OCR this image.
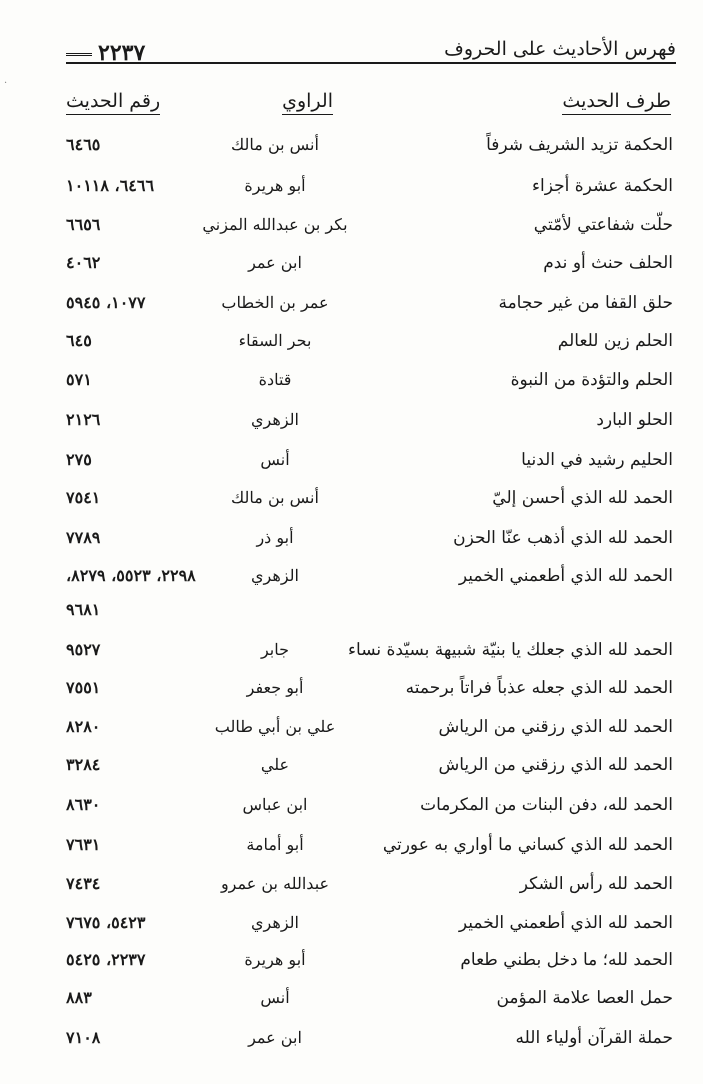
٢٢٣٧	فهرس الأحاديث على الحروف
·
طرف الحديث
الراوي
رقم الحديث
الحكمة تزيد الشريف شرفاً
أنس بن مالك
٦٤٦٥
الحكمة عشرة أجزاء
أبو هريرة
٦٤٦٦، ١٠١١٨
حلّت شفاعتي لأمّتي
بكر بن عبدالله المزني
٦٦٥٦
الحلف حنث أو ندم
ابن عمر
٤٠٦٢
حلق القفا من غير حجامة
عمر بن الخطاب
١٠٧٧، ٥٩٤٥
الحلم زين للعالم
بحر السقاء
٦٤٥
الحلم والتؤدة من النبوة
قتادة
٥٧١
الحلو البارد
الزهري
٢١٢٦
الحليم رشيد في الدنيا
أنس
٢٧٥
الحمد لله الذي أحسن إليّ
أنس بن مالك
٧٥٤١
الحمد لله الذي أذهب عنّا الحزن
أبو ذر
٧٧٨٩
الحمد لله الذي أطعمني الخمير
الزهري
٢٢٩٨، ٥٥٢٣، ٨٢٧٩،
٩٦٨١
الحمد لله الذي جعلك يا بنيّة شبيهة بسيّدة نساء
جابر
٩٥٢٧
الحمد لله الذي جعله عذباً فراتاً برحمته
أبو جعفر
٧٥٥١
الحمد لله الذي رزقني من الرياش
علي بن أبي طالب
٨٢٨٠
الحمد لله الذي رزقني من الرياش
علي
٣٢٨٤
الحمد لله، دفن البنات من المكرمات
ابن عباس
٨٦٣٠
الحمد لله الذي كساني ما أواري به عورتي
أبو أمامة
٧٦٣١
الحمد لله رأس الشكر
عبدالله بن عمرو
٧٤٣٤
الحمد لله الذي أطعمني الخمير
الزهري
٥٤٢٣، ٧٦٧٥
الحمد لله؛ ما دخل بطني طعام
أبو هريرة
٢٢٣٧، ٥٤٢٥
حمل العصا علامة المؤمن
أنس
٨٨٣
حملة القرآن أولياء الله
ابن عمر
٧١٠٨
